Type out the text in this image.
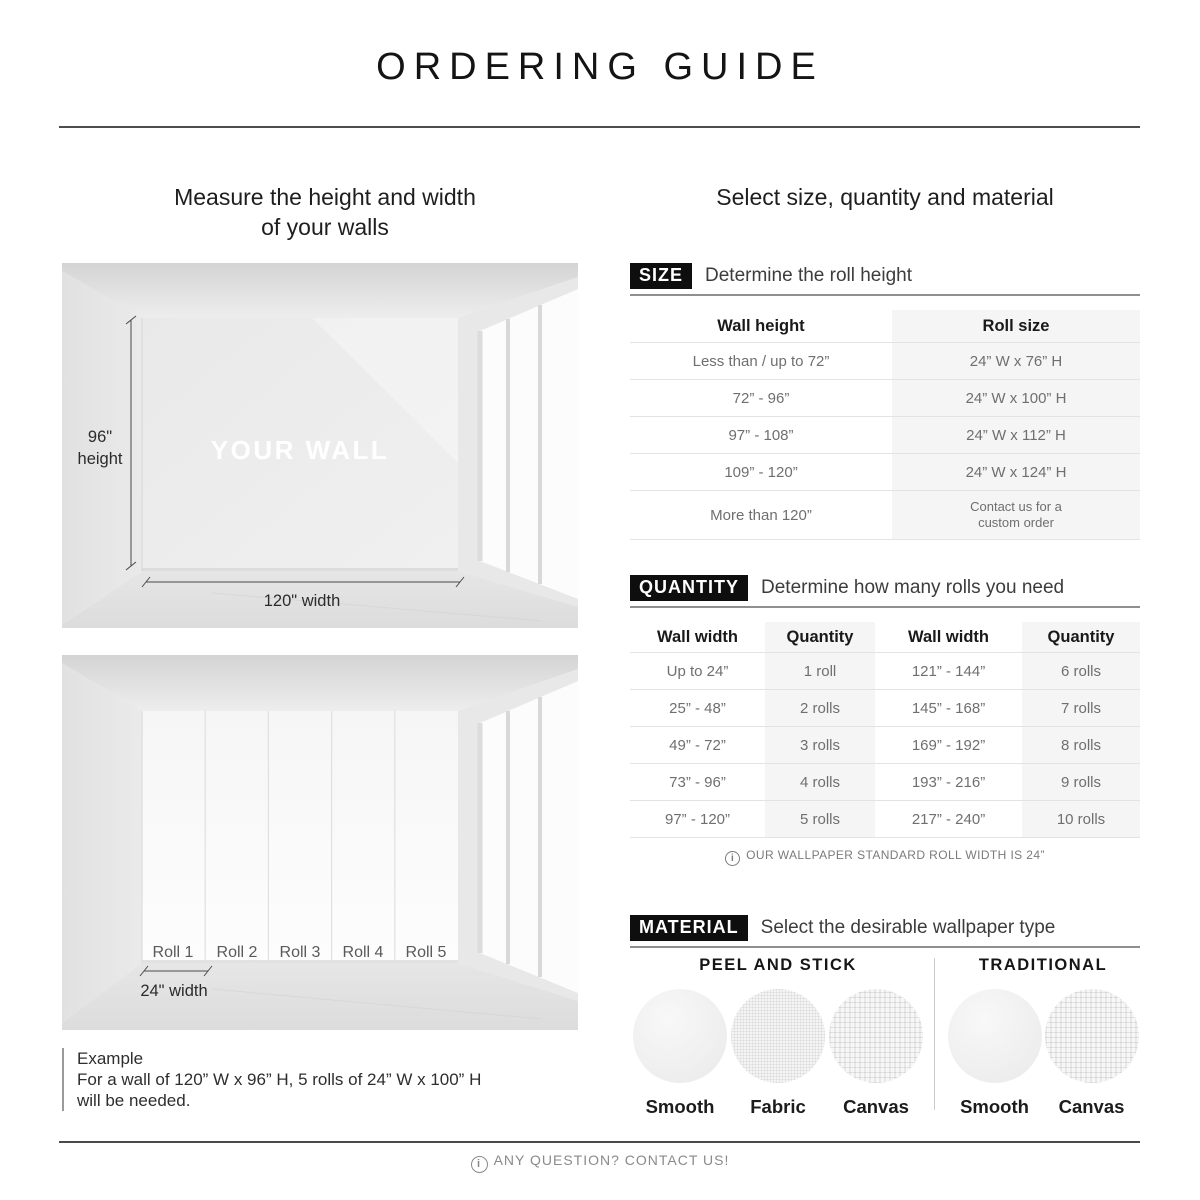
ORDERING GUIDE
Measure the height and width
of your walls
96"
height
120" width
YOUR WALL
Roll 1 Roll 2 Roll 3 Roll 4 Roll 5
24" width
Example
For a wall of 120” W x 96” H, 5 rolls of 24” W x 100” H
will be needed.
Select size, quantity and material
SIZE	Determine the roll height
Wall height	Roll size
Less than / up to 72”	24” W x 76” H
72” - 96”	24” W x 100” H
97” - 108”	24” W x 112” H
109” - 120”	24” W x 124” H
More than 120”	Contact us for a
custom order
QUANTITY	Determine how many rolls you need
Wall width	Quantity	Wall width	Quantity
Up to 24”	1 roll	121” - 144”	6 rolls
25” - 48”	2 rolls	145” - 168”	7 rolls
49” - 72”	3 rolls	169” - 192”	8 rolls
73” - 96”	4 rolls	193” - 216”	9 rolls
97” - 120”	5 rolls	217” - 240”	10 rolls
i OUR WALLPAPER STANDARD ROLL WIDTH IS 24”
MATERIAL	Select the desirable wallpaper type
PEEL AND STICK
Smooth Fabric Canvas
TRADITIONAL
Smooth Canvas
i ANY QUESTION? CONTACT US!
